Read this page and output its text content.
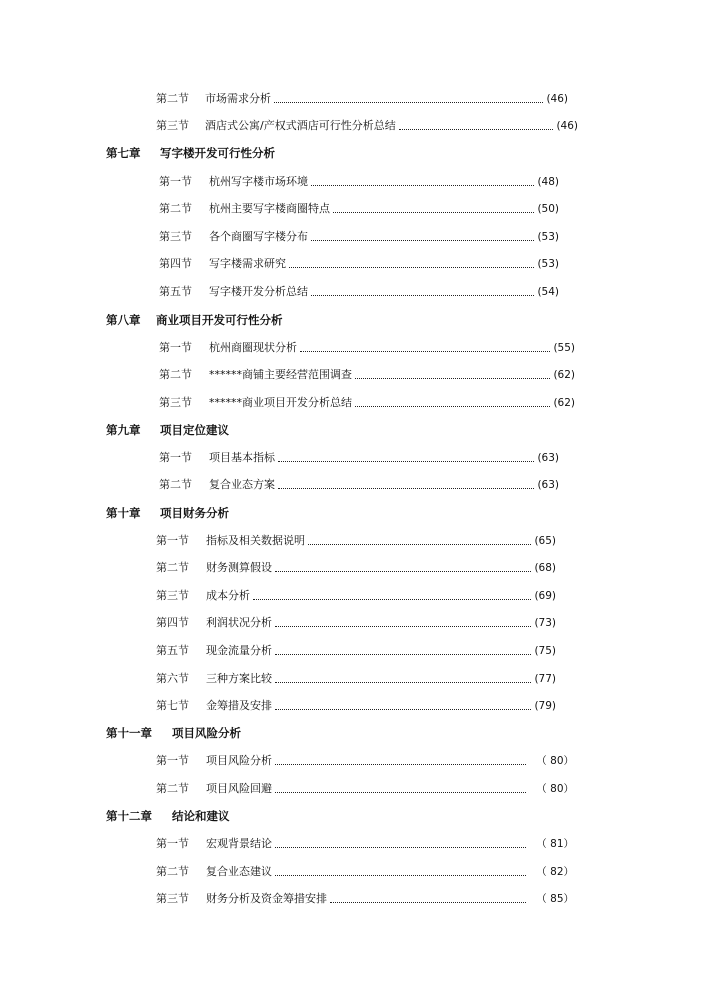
第二节	市场需求分析	(46)
第三节	酒店式公寓/产权式酒店可行性分析总结	(46)
第七章 写字楼开发可行性分析
第一节	杭州写字楼市场环境	(48)
第二节	杭州主要写字楼商圈特点	(50)
第三节	各个商圈写字楼分布	(53)
第四节	写字楼需求研究	(53)
第五节	写字楼开发分析总结	(54)
第八章 商业项目开发可行性分析
第一节	杭州商圈现状分析	(55)
第二节	******商铺主要经营范围调查	(62)
第三节	******商业项目开发分析总结	(62)
第九章 项目定位建议
第一节	项目基本指标	(63)
第二节	复合业态方案	(63)
第十章 项目财务分析
第一节	指标及相关数据说明	(65)
第二节	财务测算假设	(68)
第三节	成本分析	(69)
第四节	利润状况分析	(73)
第五节	现金流量分析	(75)
第六节	三种方案比较	(77)
第七节	金筹措及安排	(79)
第十一章 项目风险分析
第一节	项目风险分析	（ 80）
第二节	项目风险回避	（ 80）
第十二章 结论和建议
第一节	宏观背景结论	（ 81）
第二节	复合业态建议	（ 82）
第三节	财务分析及资金筹措安排	（ 85）
